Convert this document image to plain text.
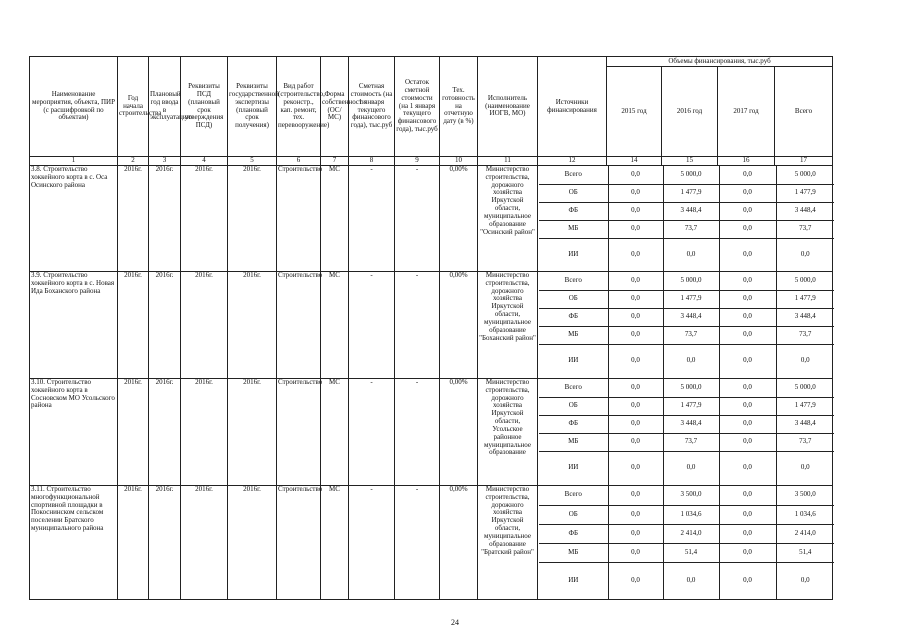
Наименование мероприятия, объекта, ПИР (с расшифровкой по объектам)	Год начала строительства	Плановый год ввода в эксплуатацию	Реквизиты ПСД (плановый срок утверждения ПСД)	Реквизиты государственной экспертизы (плановый срок получения)	Вид работ (строительство, реконстр., кап. ремонт, тех. перевооружение)	Форма собственности (ОС/МС)	Сметная стоимость (на 1 января текущего финансового года), тыс.руб	Остаток сметной стоимости (на 1 января текущего финансового года), тыс.руб	Тех. готовность на отчетную дату (в %)	Исполнитель (наименование ИОГВ, МО)	Источники финансирования	Объемы финансирования, тыс.руб
2015 год	2016 год	2017 год	Всего
1	2	3	4	5	6	7	8	9	10	11	12	14	15	16	17
3.8. Строительство хоккейного корта в с. Оса Осинского района	2016г.	2016г.	2016г.	2016г.	Строительство	МС	-	-	0,00%	Министерство строительства, дорожного хозяйства Иркутской области, муниципальное образование "Осинский район"	
Всего	0,0	5 000,0	0,0	5 000,0
ОБ	0,0	1 477,9	0,0	1 477,9
ФБ	0,0	3 448,4	0,0	3 448,4
МБ	0,0	73,7	0,0	73,7
ИИ	0,0	0,0	0,0	0,0

3.9. Строительство хоккейного корта в с. Новая Ида Боханского района	2016г.	2016г.	2016г.	2016г.	Строительство	МС	-	-	0,00%	Министерство строительства, дорожного хозяйства Иркутской области, муниципальное образование "Боханский район"	
Всего	0,0	5 000,0	0,0	5 000,0
ОБ	0,0	1 477,9	0,0	1 477,9
ФБ	0,0	3 448,4	0,0	3 448,4
МБ	0,0	73,7	0,0	73,7
ИИ	0,0	0,0	0,0	0,0

3.10. Строительство хоккейного корта в Сосновском МО Усольского района	2016г.	2016г.	2016г.	2016г.	Строительство	МС	-	-	0,00%	Министерство строительства, дорожного хозяйства Иркутской области, Усольское районное муниципальное образование	
Всего	0,0	5 000,0	0,0	5 000,0
ОБ	0,0	1 477,9	0,0	1 477,9
ФБ	0,0	3 448,4	0,0	3 448,4
МБ	0,0	73,7	0,0	73,7
ИИ	0,0	0,0	0,0	0,0

3.11. Строительство многофункциональной спортивной площадки в Покоснинском сельском поселении Братского муниципального района	2016г.	2016г.	2016г.	2016г.	Строительство	МС	-	-	0,00%	Министерство строительства, дорожного хозяйства Иркутской области, муниципальное образование "Братский район"	
Всего	0,0	3 500,0	0,0	3 500,0
ОБ	0,0	1 034,6	0,0	1 034,6
ФБ	0,0	2 414,0	0,0	2 414,0
МБ	0,0	51,4	0,0	51,4
ИИ	0,0	0,0	0,0	0,0
24
